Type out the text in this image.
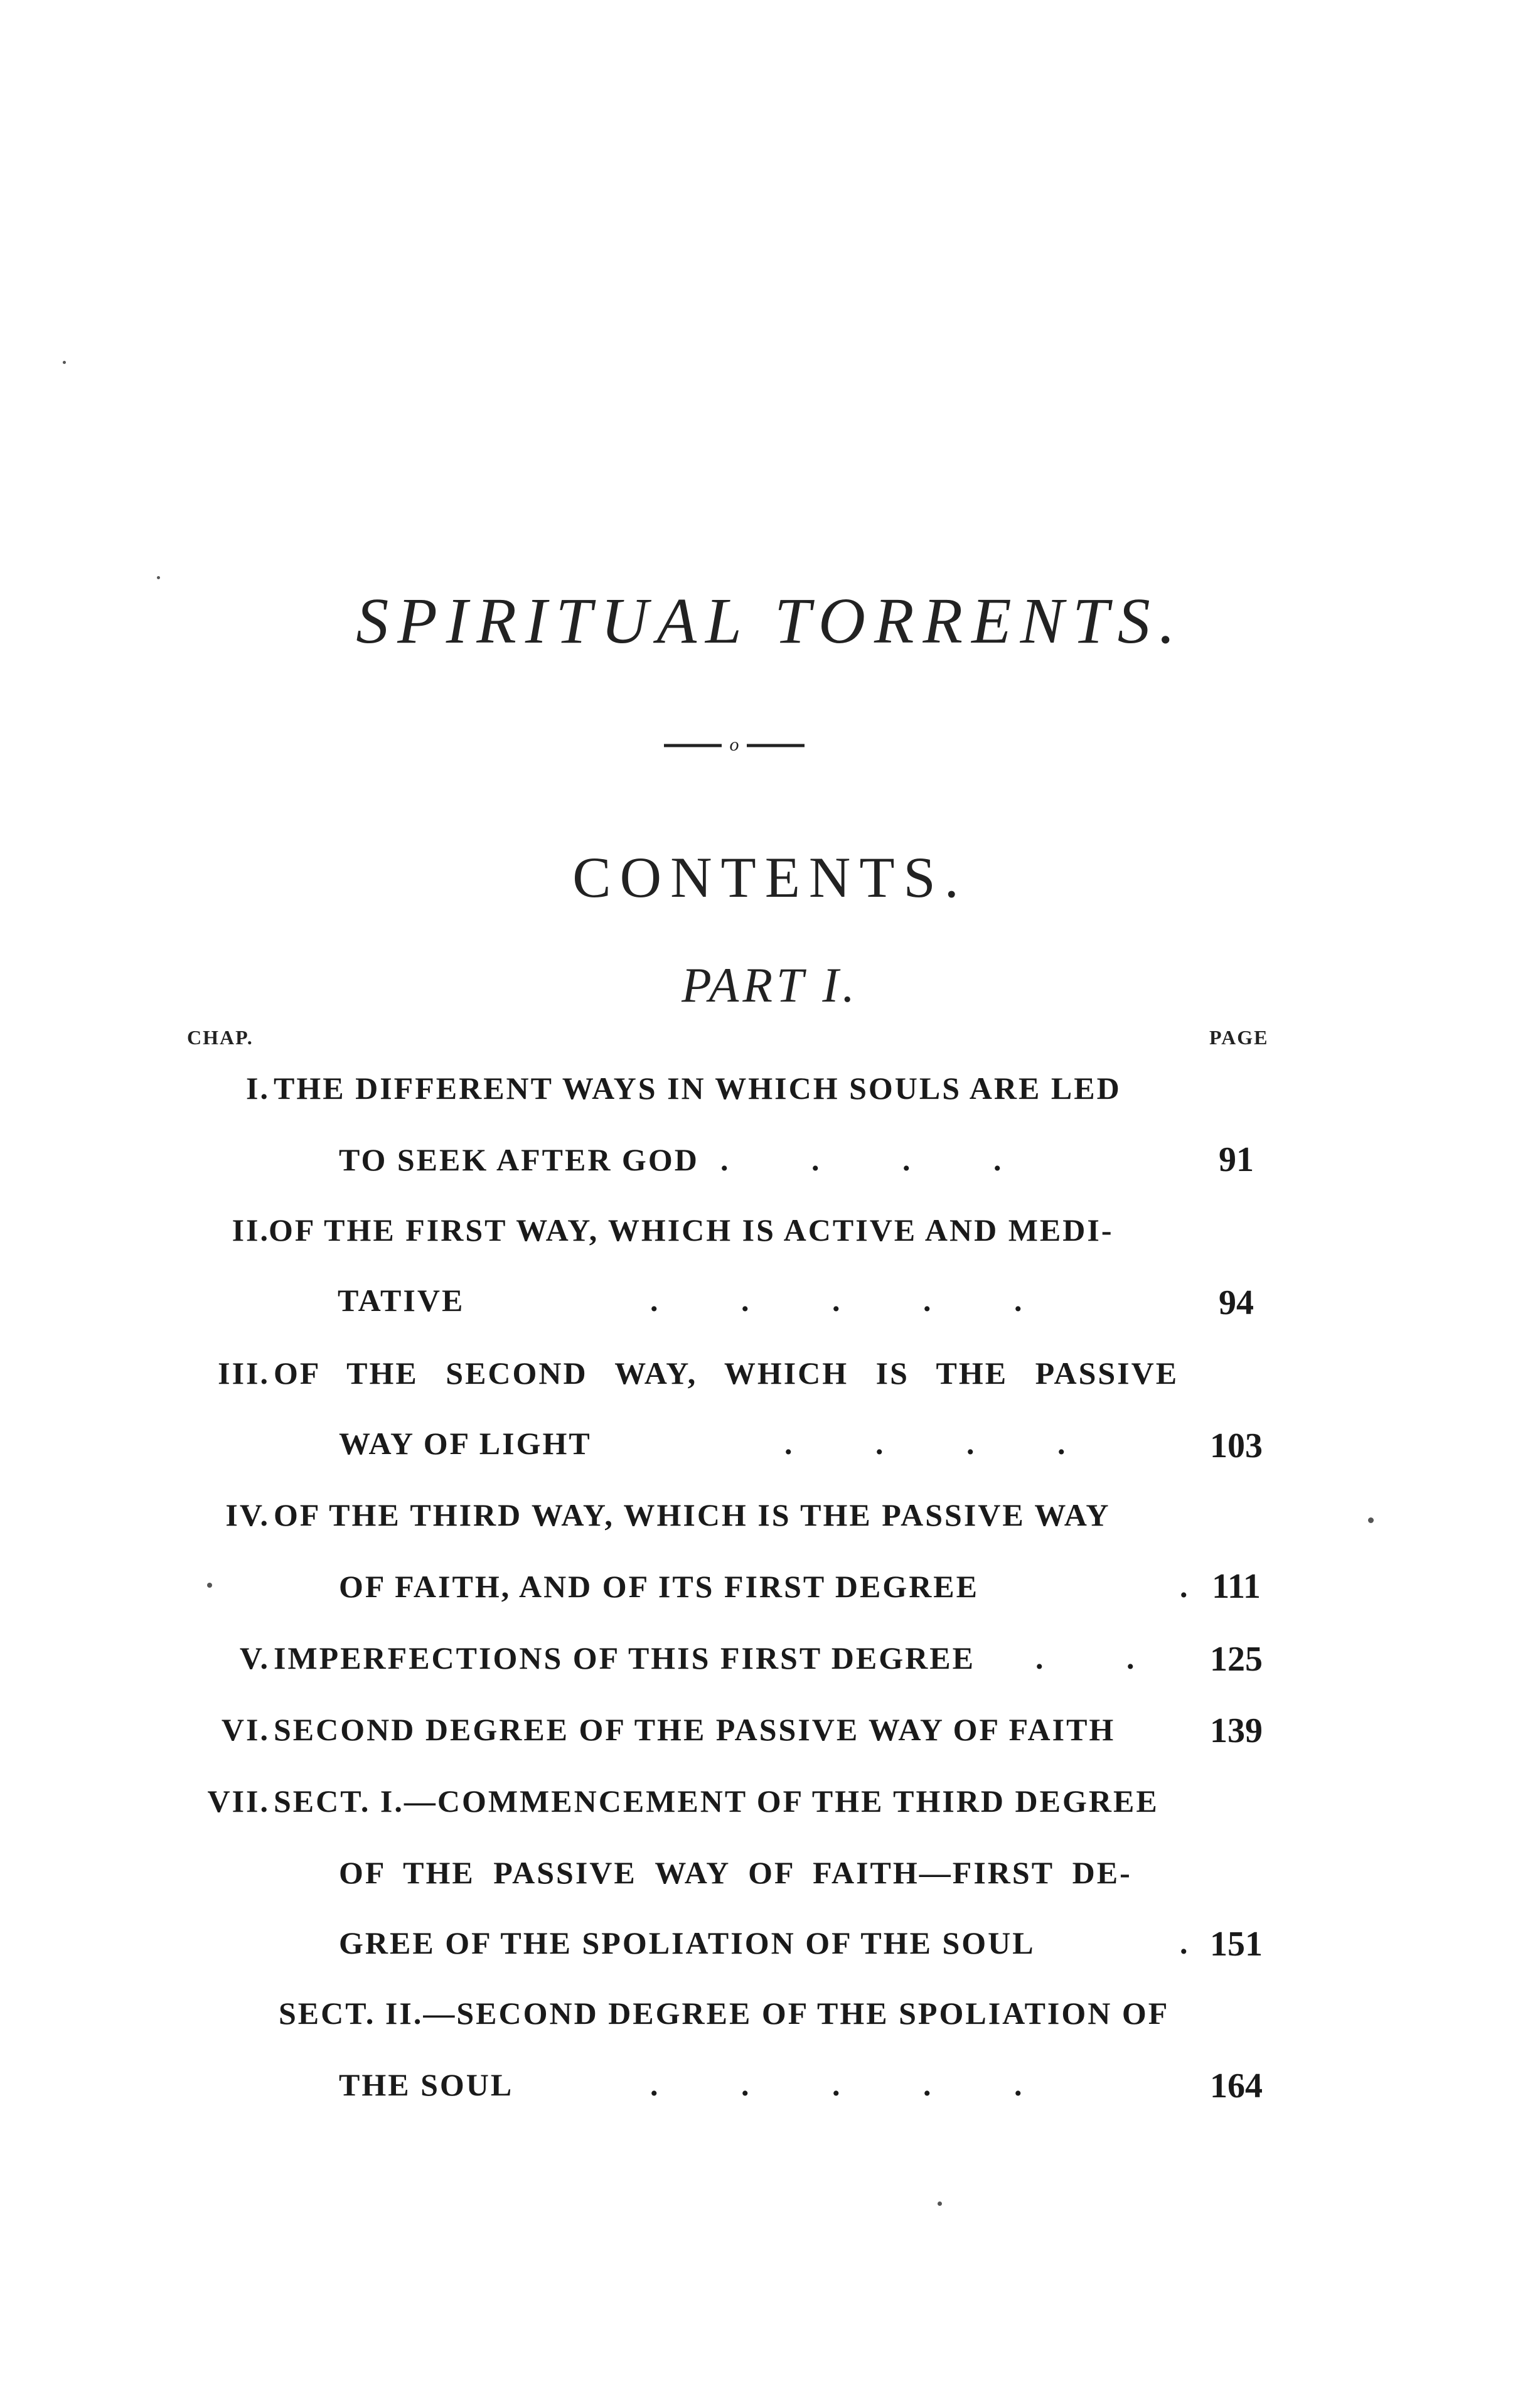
SPIRITUAL TORRENTS.
o
CONTENTS.
PART I.
CHAP.	PAGE
I. THE DIFFERENT WAYS IN WHICH SOULS ARE LED
TO SEEK AFTER GOD . . . .	91
II.
OF THE FIRST WAY, WHICH IS ACTIVE AND MEDI-
TATIVE	. . . . .	94
III. OF THE SECOND WAY, WHICH IS THE PASSIVE
WAY OF LIGHT	. . . .	103
IV. OF THE THIRD WAY, WHICH IS THE PASSIVE WAY
OF FAITH, AND OF ITS FIRST DEGREE	. 111
V. IMPERFECTIONS OF THIS FIRST DEGREE . .	125
VI. SECOND DEGREE OF THE PASSIVE WAY OF FAITH	139
VII. SECT. I.—COMMENCEMENT OF THE THIRD DEGREE
OF THE PASSIVE WAY OF FAITH—FIRST DE-
GREE OF THE SPOLIATION OF THE SOUL	. 151
SECT. II.—SECOND DEGREE OF THE SPOLIATION OF
THE SOUL	. . . . .	164
